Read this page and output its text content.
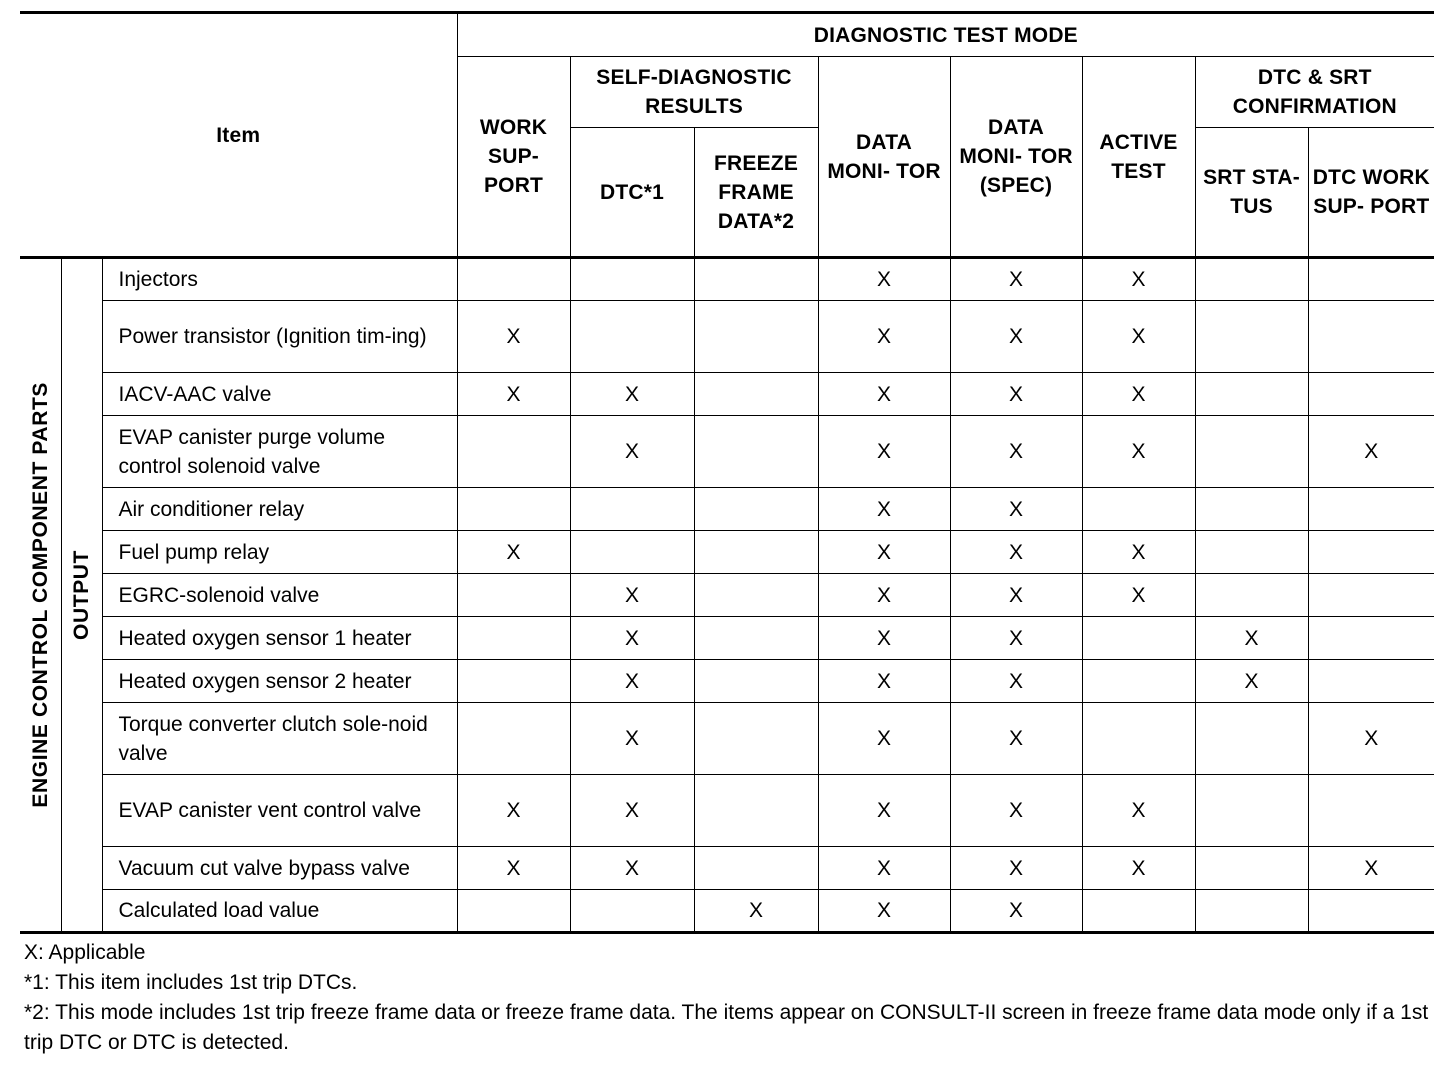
Item			DIAGNOSTIC TEST MODE							
			WORK SUP- PORT	SELF-DIAGNOSTIC RESULTS		DATA MONI- TOR	DATA MONI- TOR (SPEC)	ACTIVE TEST	DTC & SRT CONFIRMATION	
				DTC*1	FREEZE FRAME DATA*2				SRT STA- TUS	DTC WORK SUP- PORT

ENGINE CONTROL COMPONENT PARTS	OUTPUT	Injectors				X	X	X		
		Power transistor (Ignition tim-ing)	X			X	X	X		
		IACV-AAC valve	X	X		X	X	X		
		EVAP canister purge volume control solenoid valve		X		X	X	X		X
		Air conditioner relay				X	X			
		Fuel pump relay	X			X	X	X		
		EGRC-solenoid valve		X		X	X	X		
		Heated oxygen sensor 1 heater		X		X	X		X	
		Heated oxygen sensor 2 heater		X		X	X		X	
		Torque converter clutch sole-noid valve		X		X	X			X
		EVAP canister vent control valve	X	X		X	X	X		
		Vacuum cut valve bypass valve	X	X		X	X	X		X
		Calculated load value			X	X	X			
X: Applicable
*1: This item includes 1st trip DTCs.
*2: This mode includes 1st trip freeze frame data or freeze frame data. The items appear on CONSULT-II screen in freeze frame data mode only if a 1st trip DTC or DTC is detected.
